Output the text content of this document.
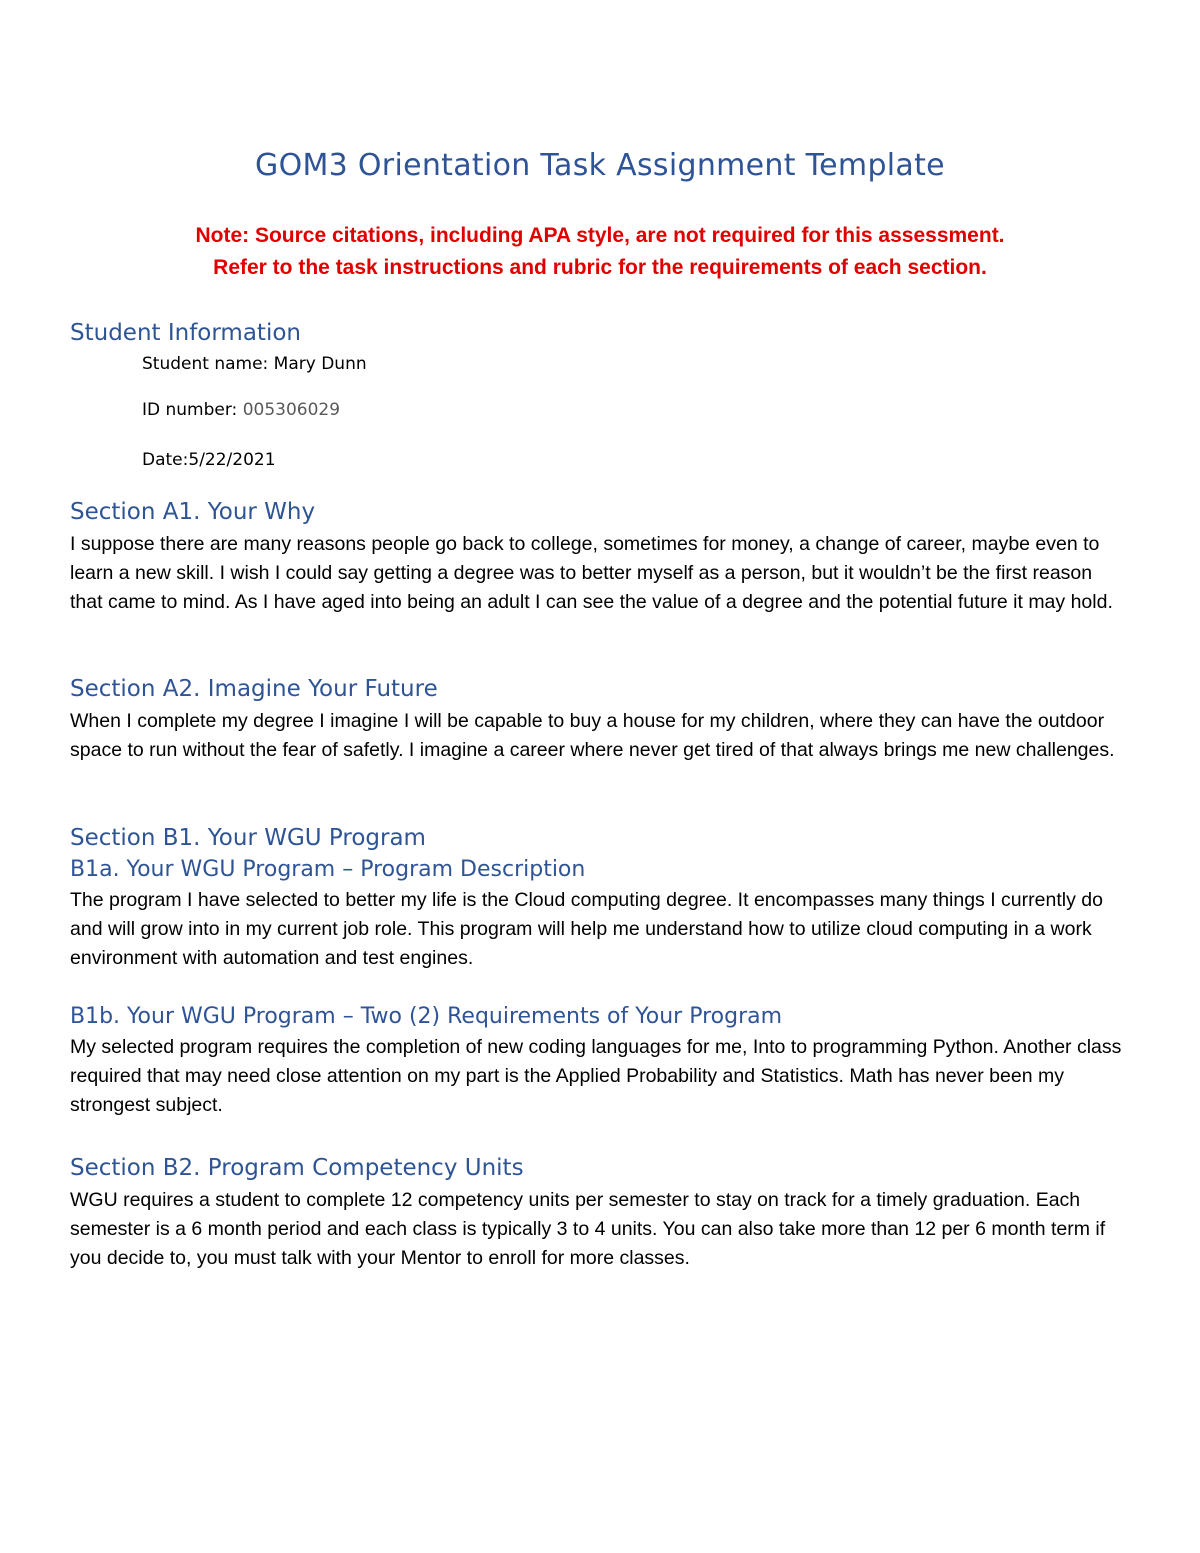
GOM3 Orientation Task Assignment Template
Note: Source citations, including APA style, are not required for this assessment.
Refer to the task instructions and rubric for the requirements of each section.
Student Information
Student name: Mary Dunn
ID number: 005306029
Date:5/22/2021
Section A1. Your Why
I suppose there are many reasons people go back to college, sometimes for money, a change of career, maybe even to learn a new skill. I wish I could say getting a degree was to better myself as a person, but it wouldn’t be the first reason that came to mind. As I have aged into being an adult I can see the value of a degree and the potential future it may hold.
Section A2. Imagine Your Future
When I complete my degree I imagine I will be capable to buy a house for my children, where they can have the outdoor space to run without the fear of safetly. I imagine a career where never get tired of that always brings me new challenges.
Section B1. Your WGU Program
B1a. Your WGU Program – Program Description
The program I have selected to better my life is the Cloud computing degree. It encompasses many things I currently do and will grow into in my current job role. This program will help me understand how to utilize cloud computing in a work environment with automation and test engines.
B1b. Your WGU Program – Two (2) Requirements of Your Program
My selected program requires the completion of new coding languages for me, Into to programming Python. Another class required that may need close attention on my part is the Applied Probability and Statistics. Math has never been my strongest subject.
Section B2. Program Competency Units
WGU requires a student to complete 12 competency units per semester to stay on track for a timely graduation. Each semester is a 6 month period and each class is typically 3 to 4 units. You can also take more than 12 per 6 month term if you decide to, you must talk with your Mentor to enroll for more classes.
